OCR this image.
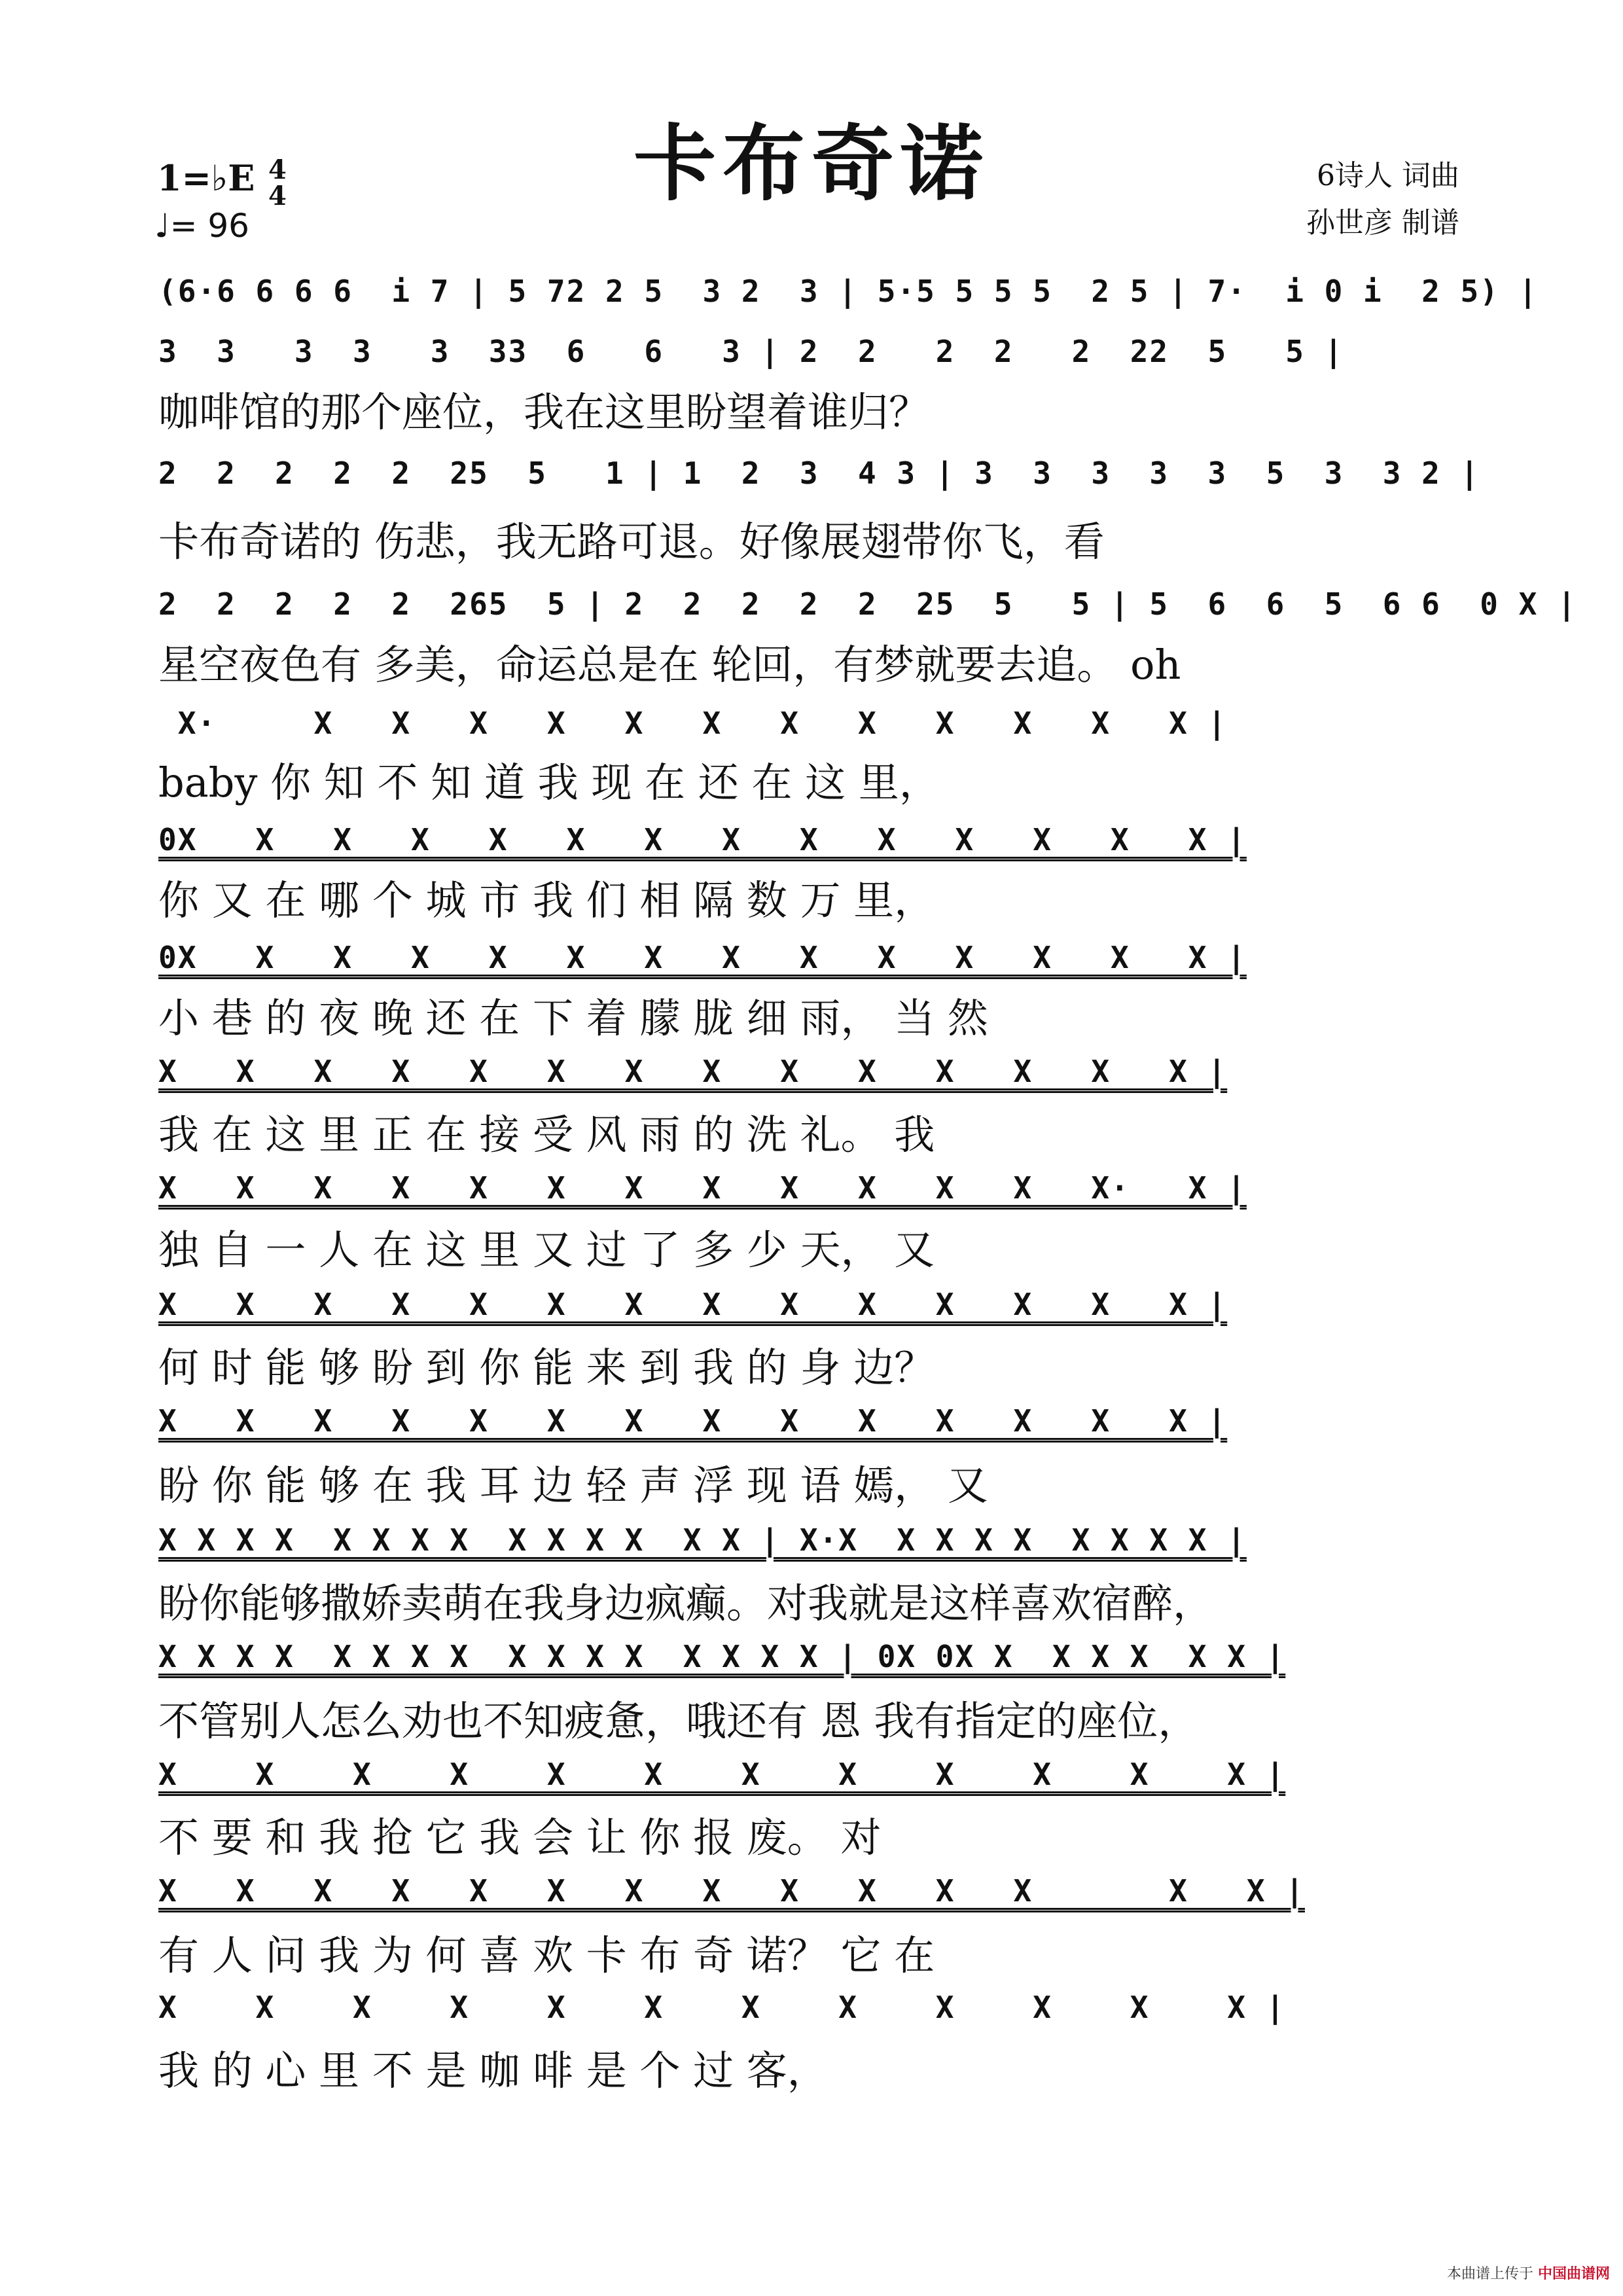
卡布奇诺
1=♭E 4
4
♩= 96
6诗人 词曲
孙世彦 制谱
(6·6 6 6 6  i 7 | 5 72 2 5  3 2  3 | 5·5 5 5 5  2 5 | 7·  i 0 i  2 5) |
3  3   3  3   3  33  6   6   3 | 2  2   2  2   2  22  5   5 |
咖啡馆的那个座位，我在这里盼望着谁归？
2  2  2  2  2  25  5   1 | 1  2  3  4 3 | 3  3  3  3  3  5  3  3 2 |
卡布奇诺的 伤悲，我无路可退。好像展翅带你飞，看
2  2  2  2  2  265  5 | 2  2  2  2  2  25  5   5 | 5  6  6  5  6 6  0 X |
星空夜色有 多美，命运总是在 轮回，有梦就要去追。 oh
X·     X   X   X   X   X   X   X   X   X   X   X   X |
baby 你 知 不 知 道 我 现 在 还 在 这 里，
0X   X   X   X   X   X   X   X   X   X   X   X   X   X |
你 又 在 哪 个 城 市 我 们 相 隔 数 万 里，
0X   X   X   X   X   X   X   X   X   X   X   X   X   X |
小 巷 的 夜 晚 还 在 下 着 朦 胧 细 雨， 当 然
X   X   X   X   X   X   X   X   X   X   X   X   X   X |
我 在 这 里 正 在 接 受 风 雨 的 洗 礼。 我
X   X   X   X   X   X   X   X   X   X   X   X   X·   X |
独 自 一 人 在 这 里 又 过 了 多 少 天， 又
X   X   X   X   X   X   X   X   X   X   X   X   X   X |
何 时 能 够 盼 到 你 能 来 到 我 的 身 边？
X   X   X   X   X   X   X   X   X   X   X   X   X   X |
盼 你 能 够 在 我 耳 边 轻 声 浮 现 语 嫣， 又
X X X X  X X X X  X X X X  X X | X·X  X X X X  X X X X |
盼你能够撒娇卖萌在我身边疯癫。对我就是这样喜欢宿醉，
X X X X  X X X X  X X X X  X X X X | 0X 0X X  X X X  X X |
不管别人怎么劝也不知疲惫，哦还有 恩 我有指定的座位，
X    X    X    X    X    X    X    X    X    X    X    X |
不 要 和 我 抢 它 我 会 让 你 报 废。 对
X   X   X   X   X   X   X   X   X   X   X   X       X   X |
有 人 问 我 为 何 喜 欢 卡 布 奇 诺？ 它 在
X    X    X    X    X    X    X    X    X    X    X    X |
我 的 心 里 不 是 咖 啡 是 个 过 客，
本曲谱上传于 中国曲谱网
